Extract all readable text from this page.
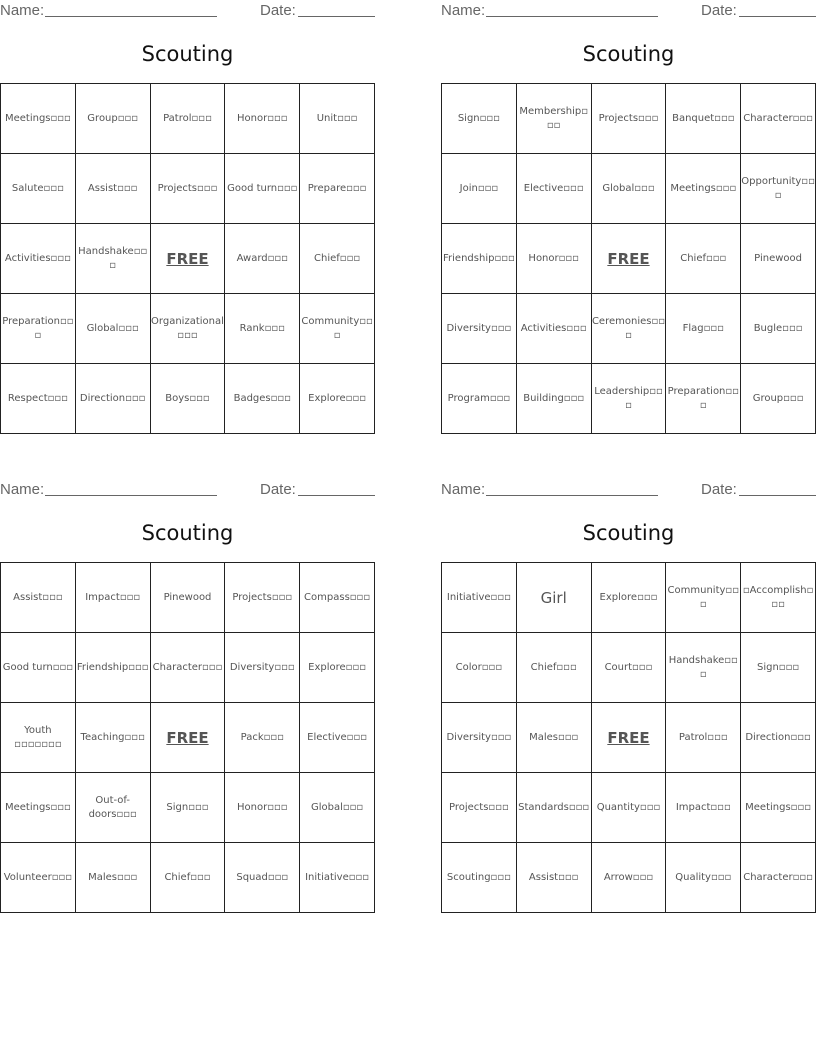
Name:	Date:
Scouting
Meetings▫▫▫	Group▫▫▫	Patrol▫▫▫	Honor▫▫▫	Unit▫▫▫
Salute▫▫▫	Assist▫▫▫	Projects▫▫▫	Good turn▫▫▫	Prepare▫▫▫
Activities▫▫▫	Handshake▫▫▫	FREE	Award▫▫▫	Chief▫▫▫
Preparation▫▫▫	Global▫▫▫	Organizational▫▫▫	Rank▫▫▫	Community▫▫▫
Respect▫▫▫	Direction▫▫▫	Boys▫▫▫	Badges▫▫▫	Explore▫▫▫
Name:	Date:
Scouting
Sign▫▫▫	Membership▫▫▫	Projects▫▫▫	Banquet▫▫▫	Character▫▫▫
Join▫▫▫	Elective▫▫▫	Global▫▫▫	Meetings▫▫▫	Opportunity▫▫▫
Friendship▫▫▫	Honor▫▫▫	FREE	Chief▫▫▫	Pinewood
Diversity▫▫▫	Activities▫▫▫	Ceremonies▫▫▫	Flag▫▫▫	Bugle▫▫▫
Program▫▫▫	Building▫▫▫	Leadership▫▫▫	Preparation▫▫▫	Group▫▫▫
Name:	Date:
Scouting
Assist▫▫▫	Impact▫▫▫	Pinewood	Projects▫▫▫	Compass▫▫▫
Good turn▫▫▫	Friendship▫▫▫	Character▫▫▫	Diversity▫▫▫	Explore▫▫▫
Youth ▫▫▫▫▫▫▫	Teaching▫▫▫	FREE	Pack▫▫▫	Elective▫▫▫
Meetings▫▫▫	Out-of-doors▫▫▫	Sign▫▫▫	Honor▫▫▫	Global▫▫▫
Volunteer▫▫▫	Males▫▫▫	Chief▫▫▫	Squad▫▫▫	Initiative▫▫▫
Name:	Date:
Scouting
Initiative▫▫▫	Girl	Explore▫▫▫	Community▫▫▫	▫Accomplish▫▫▫
Color▫▫▫	Chief▫▫▫	Court▫▫▫	Handshake▫▫▫	Sign▫▫▫
Diversity▫▫▫	Males▫▫▫	FREE	Patrol▫▫▫	Direction▫▫▫
Projects▫▫▫	Standards▫▫▫	Quantity▫▫▫	Impact▫▫▫	Meetings▫▫▫
Scouting▫▫▫	Assist▫▫▫	Arrow▫▫▫	Quality▫▫▫	Character▫▫▫
